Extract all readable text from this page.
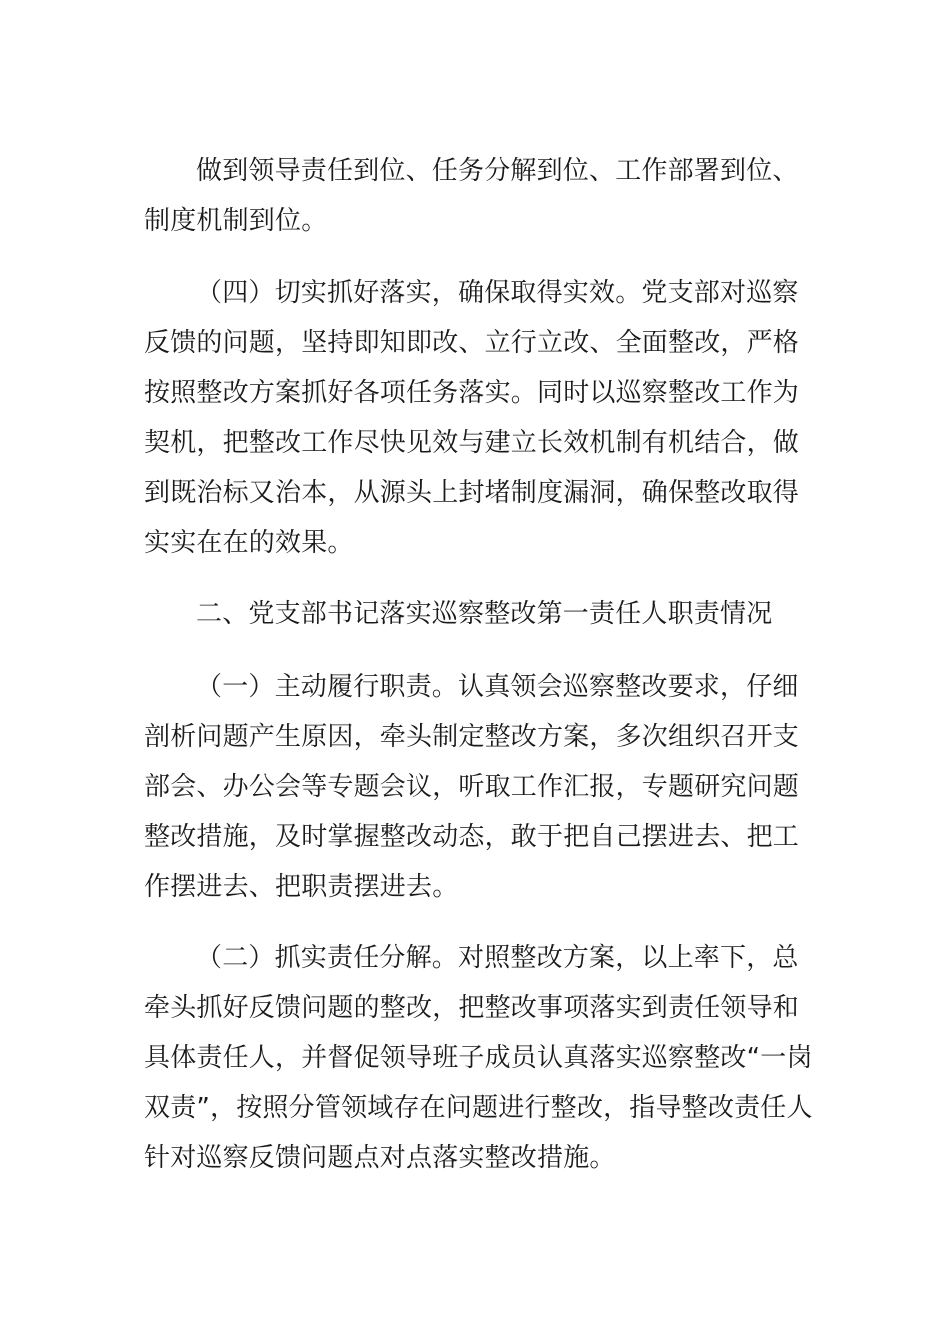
做到领导责任到位、任务分解到位、工作部署到位、
制度机制到位。
（四）切实抓好落实，确保取得实效。党支部对巡察
反馈的问题，坚持即知即改、立行立改、全面整改，严格
按照整改方案抓好各项任务落实。同时以巡察整改工作为
契机，把整改工作尽快见效与建立长效机制有机结合，做
到既治标又治本，从源头上封堵制度漏洞，确保整改取得
实实在在的效果。
二、党支部书记落实巡察整改第一责任人职责情况
（一）主动履行职责。认真领会巡察整改要求，仔细
剖析问题产生原因，牵头制定整改方案，多次组织召开支
部会、办公会等专题会议，听取工作汇报，专题研究问题
整改措施，及时掌握整改动态，敢于把自己摆进去、把工
作摆进去、把职责摆进去。
（二）抓实责任分解。对照整改方案，以上率下，总
牵头抓好反馈问题的整改，把整改事项落实到责任领导和
具体责任人，并督促领导班子成员认真落实巡察整改“一岗
双责”，按照分管领域存在问题进行整改，指导整改责任人
针对巡察反馈问题点对点落实整改措施。
